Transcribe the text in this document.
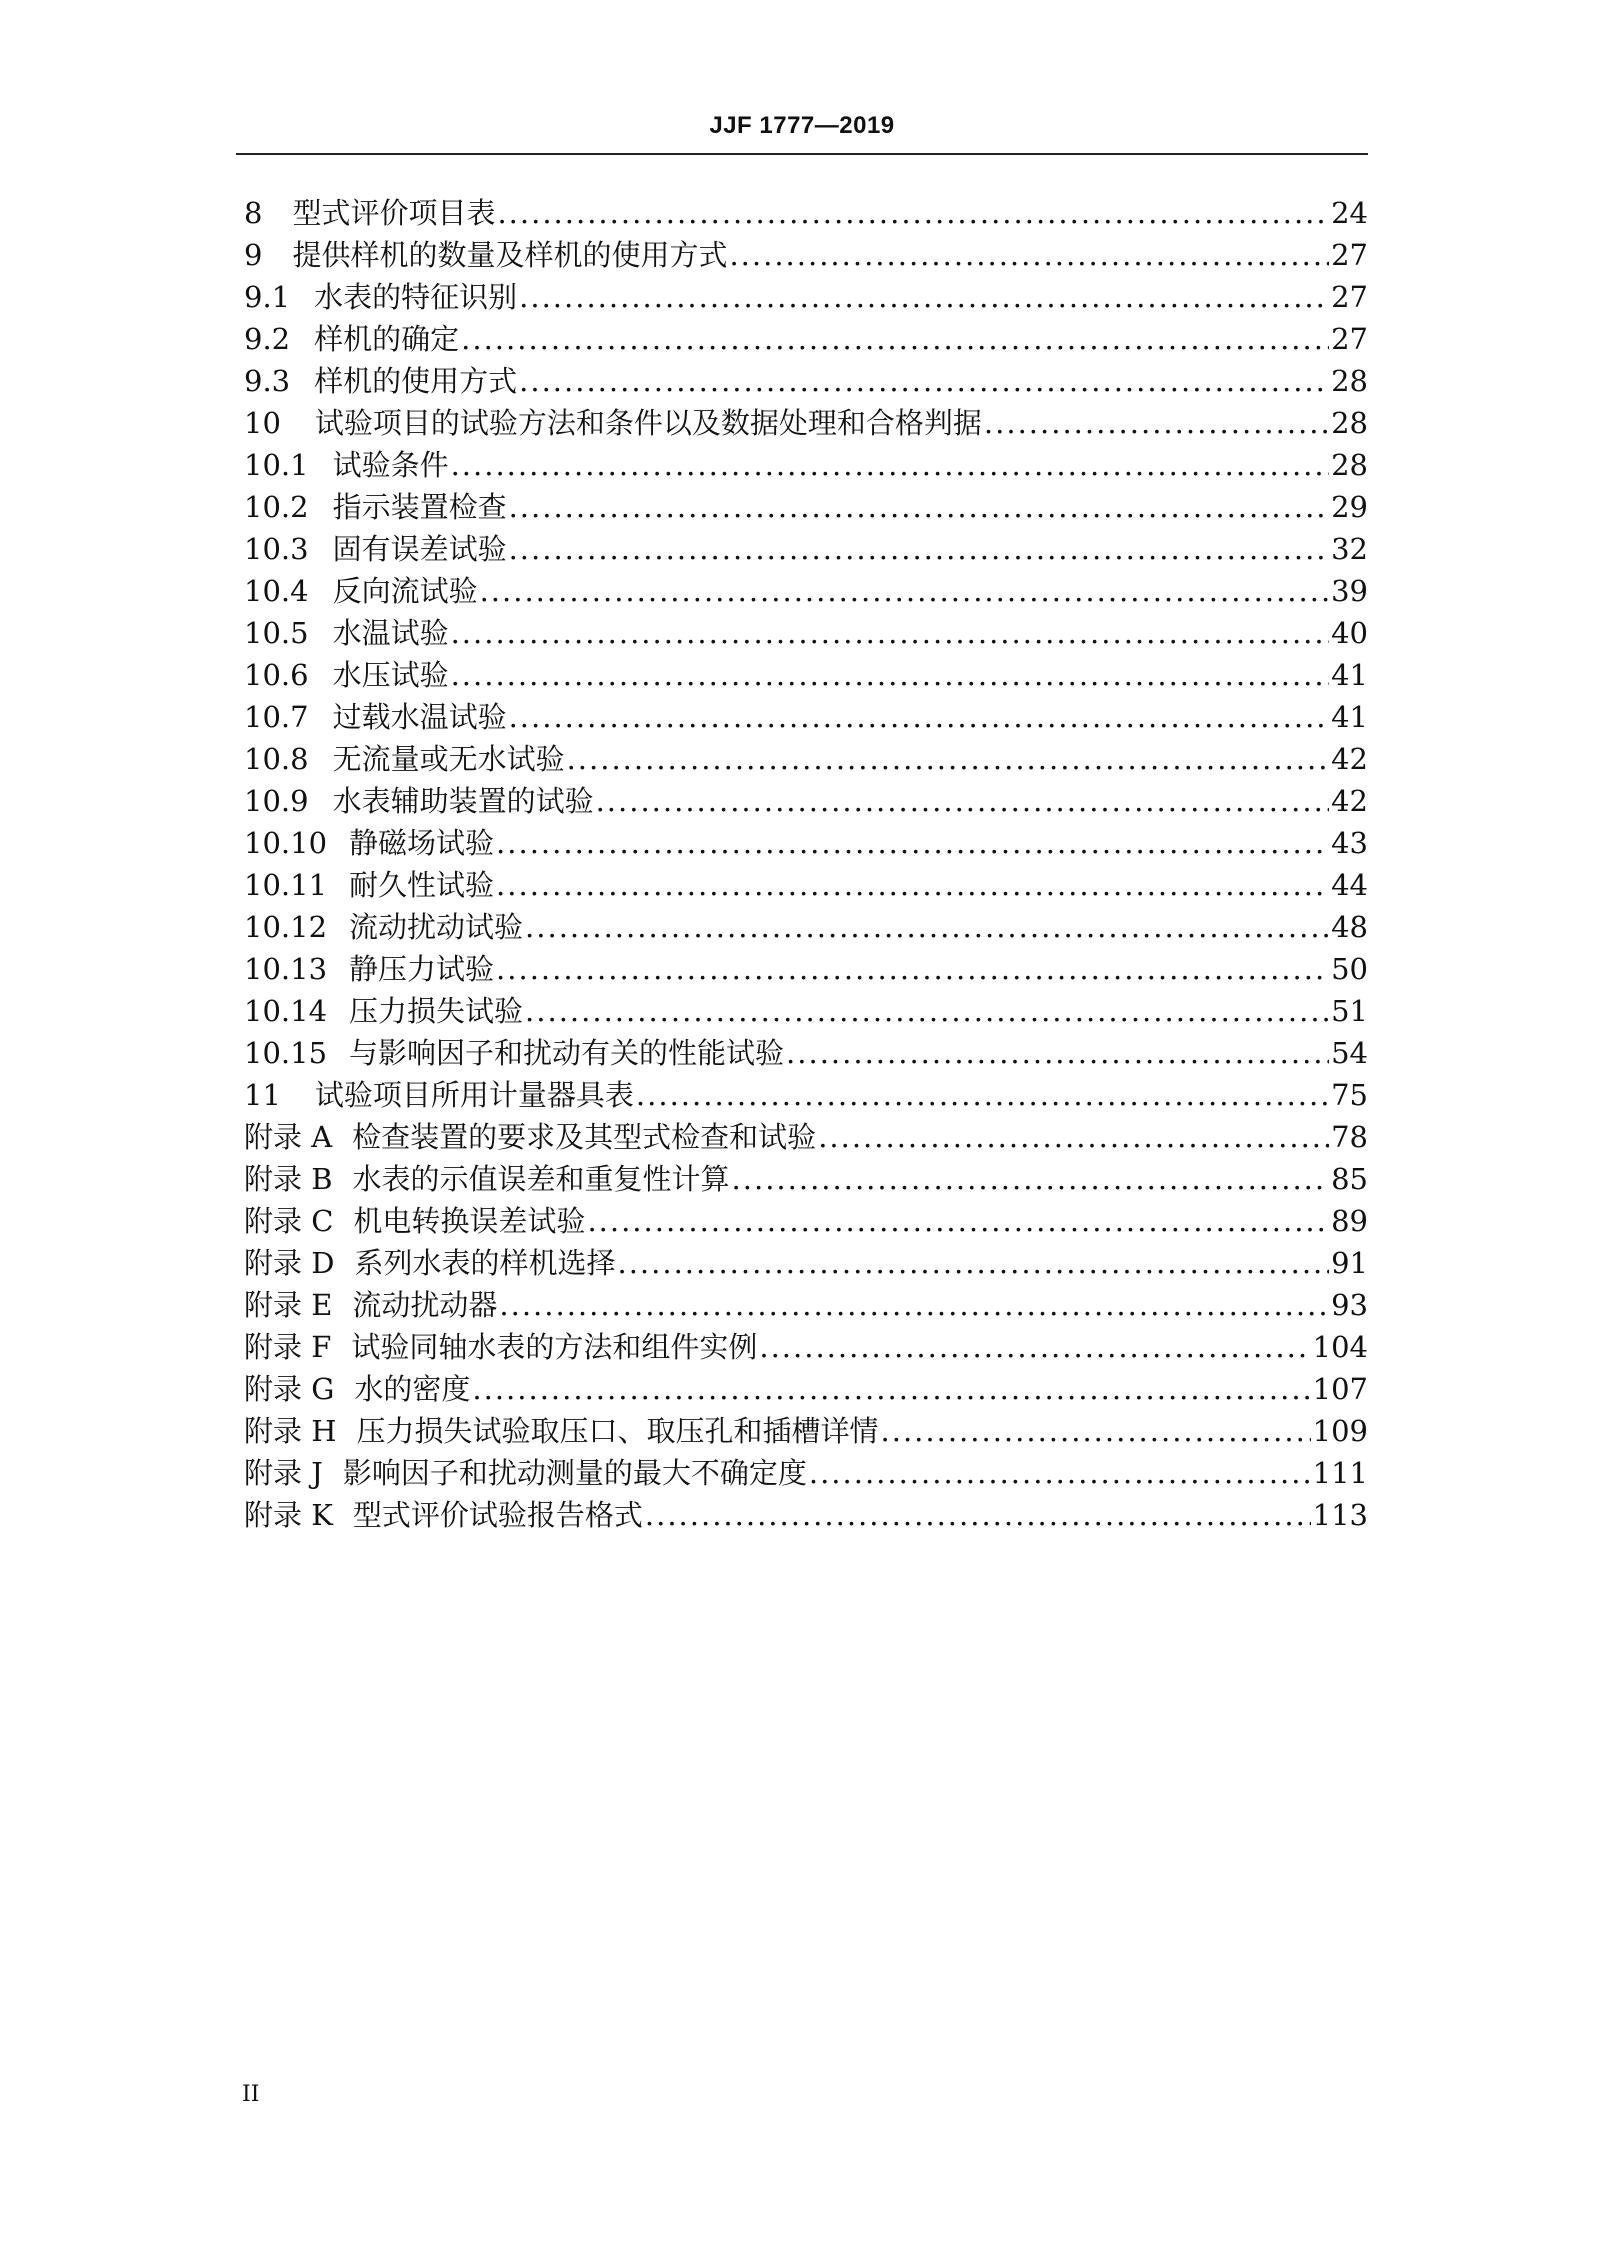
JJF 1777—2019
8 型式评价项目表 .....	24
9 提供样机的数量及样机的使用方式 .....	27
9.1 水表的特征识别 .....	27
9.2 样机的确定 .....	27
9.3 样机的使用方式 .....	28
10 试验项目的试验方法和条件以及数据处理和合格判据 .....	28
10.1 试验条件 .....	28
10.2 指示装置检查 .....	29
10.3 固有误差试验 .....	32
10.4 反向流试验 .....	39
10.5 水温试验 .....	40
10.6 水压试验 .....	41
10.7 过载水温试验 .....	41
10.8 无流量或无水试验 .....	42
10.9 水表辅助装置的试验 .....	42
10.10 静磁场试验 .....	43
10.11 耐久性试验 .....	44
10.12 流动扰动试验 .....	48
10.13 静压力试验 .....	50
10.14 压力损失试验 .....	51
10.15 与影响因子和扰动有关的性能试验 .....	54
11 试验项目所用计量器具表 .....	75
附录 A 检查装置的要求及其型式检查和试验 .....	78
附录 B 水表的示值误差和重复性计算 .....	85
附录 C 机电转换误差试验 .....	89
附录 D 系列水表的样机选择 .....	91
附录 E 流动扰动器 .....	93
附录 F 试验同轴水表的方法和组件实例 .....	104
附录 G 水的密度 .....	107
附录 H 压力损失试验取压口、取压孔和插槽详情 .....	109
附录 J 影响因子和扰动测量的最大不确定度 .....	111
附录 K 型式评价试验报告格式 .....	113
II
